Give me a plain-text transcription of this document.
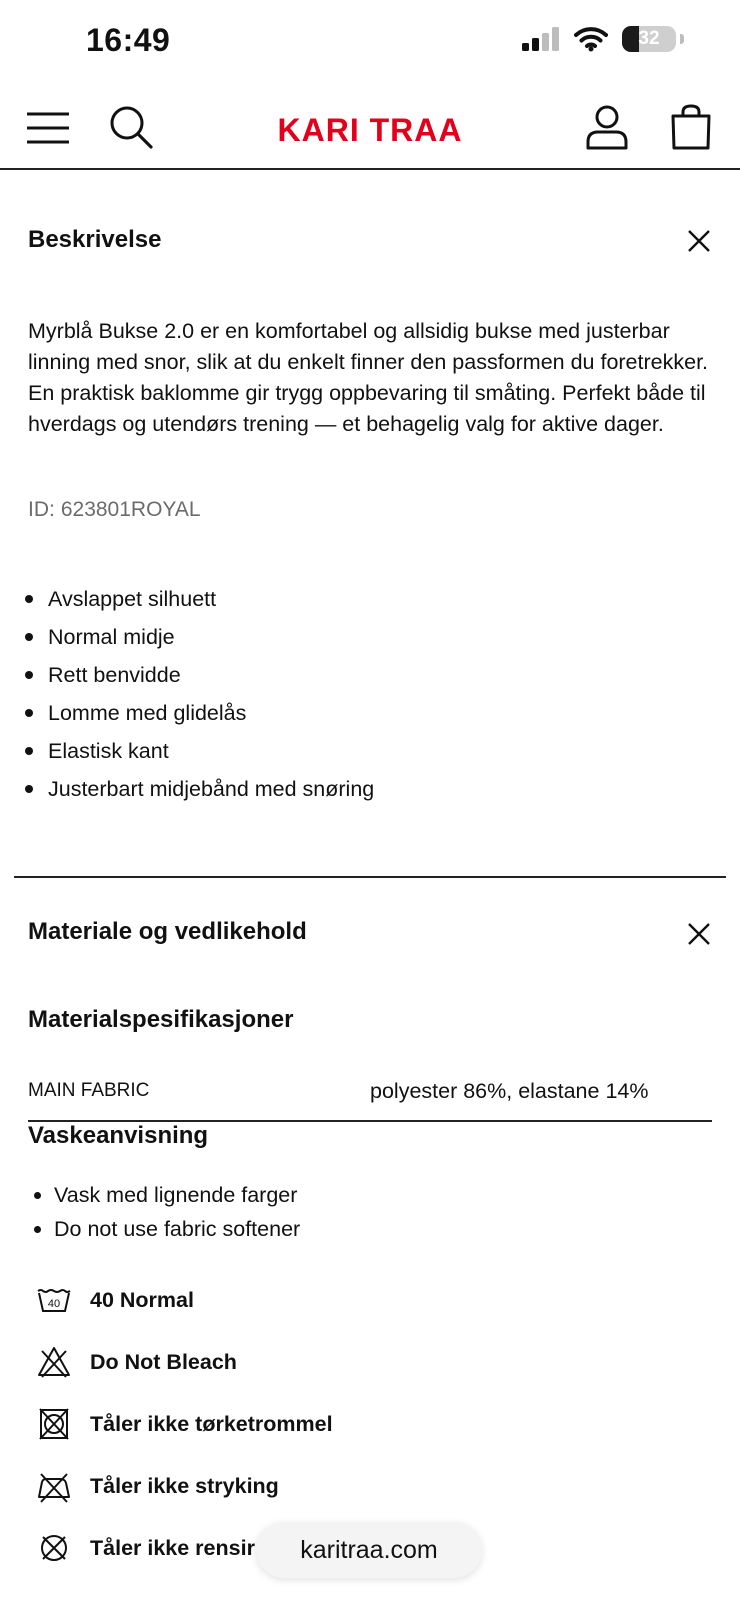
16:49	32
KARI TRAA
Beskrivelse
Myrblå Bukse 2.0 er en komfortabel og allsidig bukse med justerbar linning med snor, slik at du enkelt finner den passformen du foretrekker. En praktisk baklomme gir trygg oppbevaring til småting. Perfekt både til hverdags og utendørs trening — et behagelig valg for aktive dager.
ID: 623801ROYAL
Avslappet silhuett
Normal midje
Rett benvidde
Lomme med glidelås
Elastisk kant
Justerbart midjebånd med snøring
Materiale og vedlikehold
Materialspesifikasjoner
MAIN FABRIC	polyester 86%, elastane 14%
Vaskeanvisning
Vask med lignende farger
Do not use fabric softener
40 40 Normal
Do Not Bleach
Tåler ikke tørketrommel
Tåler ikke stryking
Tåler ikke rensir karitraa.com
